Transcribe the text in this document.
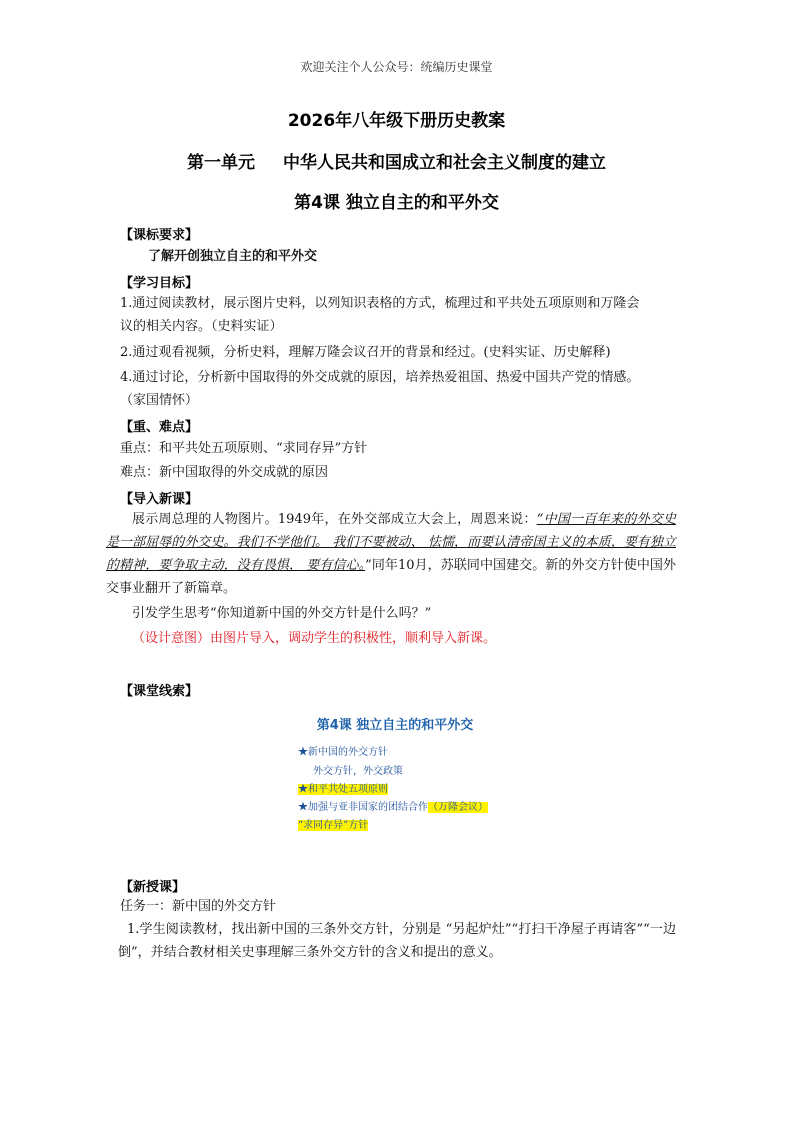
欢迎关注个人公众号：统编历史课堂
2026年八年级下册历史教案
第一单元 中华人民共和国成立和社会主义制度的建立
第4课 独立自主的和平外交
【课标要求】
了解开创独立自主的和平外交
【学习目标】
1.通过阅读教材，展示图片史料，以列知识表格的方式，梳理过和平共处五项原则和万隆会
议的相关内容。（史料实证）
2.通过观看视频，分析史料，理解万隆会议召开的背景和经过。(史料实证、历史解释)
4.通过讨论，分析新中国取得的外交成就的原因，培养热爱祖国、热爱中国共产党的情感。
（家国情怀）
【重、难点】
重点：和平共处五项原则、“求同存异”方针
难点：新中国取得的外交成就的原因
【导入新课】
展示周总理的人物图片。1949年，在外交部成立大会上，周恩来说：“中国一百年来的外交史是一部屈辱的外交史。我们不学他们。 我们不要被动、 怯懦，而要认清帝国主义的本质，要有独立的精神，要争取主动，没有畏惧， 要有信心。”同年10月，苏联同中国建交。新的外交方针使中国外交事业翻开了新篇章。
引发学生思考“你知道新中国的外交方针是什么吗？”
（设计意图）由图片导入，调动学生的积极性，顺利导入新课。
【课堂线索】
第4课 独立自主的和平外交
★新中国的外交方针
外交方针，外交政策
★和平共处五项原则
★加强与亚非国家的团结合作（万隆会议）
“求同存异”方针
【新授课】
任务一：新中国的外交方针
1.学生阅读教材，找出新中国的三条外交方针，分别是 “另起炉灶”“打扫干净屋子再请客”“一边倒”，并结合教材相关史事理解三条外交方针的含义和提出的意义。
